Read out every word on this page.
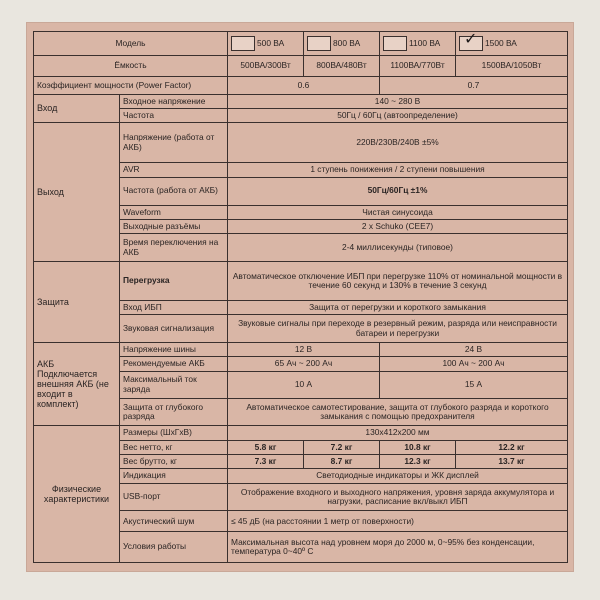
Модель		500 ВА	800 ВА	1100 ВА	✓ 1500 ВА
Ёмкость		500ВА/300Вт	800ВА/480Вт	1100ВА/770Вт	1500ВА/1050Вт
Коэффициент мощности (Power Factor)		0.6		0.7	
Вход	Входное напряжение	140 ~ 280 В			
	Частота	50Гц / 60Гц (автоопределение)			
Выход	Напряжение (работа от АКБ)	220В/230В/240В ±5%			
	AVR	1 ступень понижения / 2 ступени повышения			
	Частота (работа от АКБ)	50Гц/60Гц ±1%			
	Waveform	Чистая синусоида			
	Выходные разъёмы	2 x Schuko (CEE7)			
	Время переключения на АКБ	2-4 миллисекунды (типовое)			
Защита	Перегрузка	Автоматическое отключение ИБП при перегрузке 110% от номинальной мощности в течение 60 секунд и 130% в течение 3 секунд			
	Вход ИБП	Защита от перегрузки и короткого замыкания			
	Звуковая сигнализация	Звуковые сигналы при переходе в резервный режим, разряда или неисправности батареи и перегрузки			
АКБ Подключается внешняя АКБ (не входит в комплект)	Напряжение шины	12 В		24 В	
	Рекомендуемые АКБ	65 Ач ~ 200 Ач		100 Ач ~ 200 Ач	
	Максимальный ток заряда	10 А		15 А	
	Защита от глубокого разряда	Автоматическое самотестирование, защита от глубокого разряда и короткого замыкания с помощью предохранителя			
Физические характеристики	Размеры (ШхГхВ)	130x412x200 мм			
	Вес нетто, кг	5.8 кг	7.2 кг	10.8 кг	12.2 кг
	Вес брутто, кг	7.3 кг	8.7 кг	12.3 кг	13.7 кг
	Индикация	Светодиодные индикаторы и ЖК дисплей			
	USB-порт	Отображение входного и выходного напряжения, уровня заряда аккумулятора и нагрузки, расписание вкл/выкл ИБП			
	Акустический шум	≤ 45 дБ (на расстоянии 1 метр от поверхности)			
	Условия работы	Максимальная высота над уровнем моря до 2000 м, 0~95% без конденсации, температура 0~40º С			
